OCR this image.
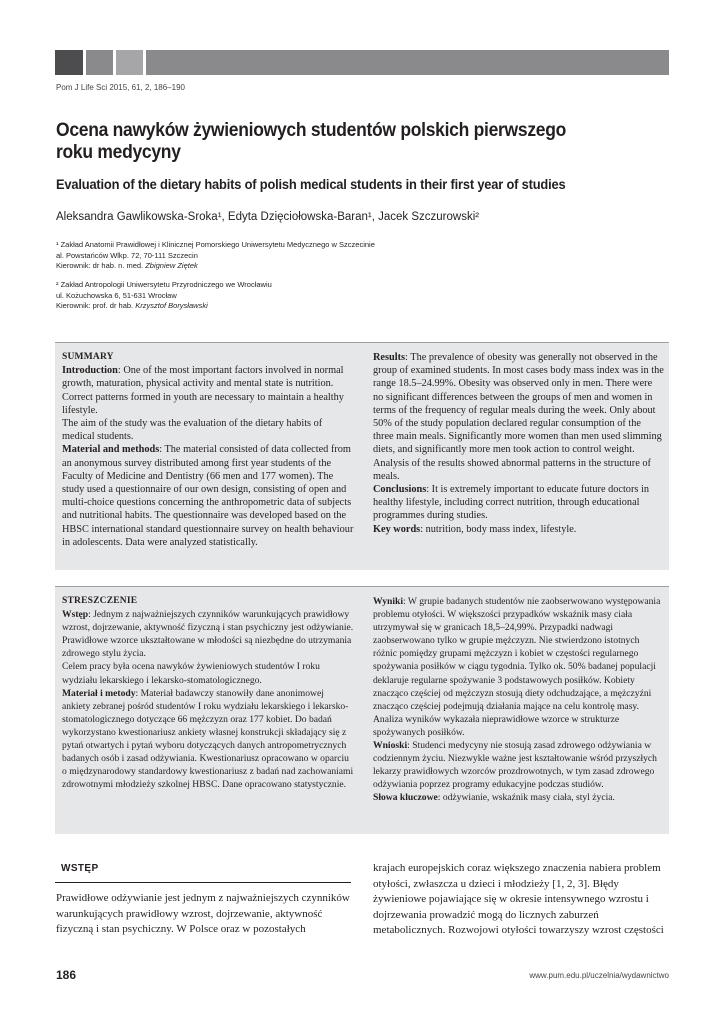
Pom J Life Sci 2015, 61, 2, 186–190
Ocena nawyków żywieniowych studentów polskich pierwszego roku medycyny
Evaluation of the dietary habits of polish medical students in their first year of studies
Aleksandra Gawlikowska-Sroka¹, Edyta Dzięciołowska-Baran¹, Jacek Szczurowski²
¹ Zakład Anatomii Prawidłowej i Klinicznej Pomorskiego Uniwersytetu Medycznego w Szczecinie
al. Powstańców Wlkp. 72, 70-111 Szczecin
Kierownik: dr hab. n. med. Zbigniew Ziętek
² Zakład Antropologii Uniwersytetu Przyrodniczego we Wrocławiu
ul. Kożuchowska 6, 51-631 Wrocław
Kierownik: prof. dr hab. Krzysztof Borysławski
SUMMARY

Introduction: One of the most important factors involved in normal growth, maturation, physical activity and mental state is nutrition. Correct patterns formed in youth are necessary to maintain a healthy lifestyle.

The aim of the study was the evaluation of the dietary habits of medical students.

Material and methods: The material consisted of data collected from an anonymous survey distributed among first year students of the Faculty of Medicine and Dentistry (66 men and 177 women). The study used a questionnaire of our own design, consisting of open and multi-choice questions concerning the anthropometric data of subjects and nutritional habits. The questionnaire was developed based on the HBSC international standard questionnaire survey on health behaviour in adolescents. Data were analyzed statistically.

Results: The prevalence of obesity was generally not observed in the group of examined students. In most cases body mass index was in the range 18.5–24.99%. Obesity was observed only in men. There were no significant differences between the groups of men and women in terms of the frequency of regular meals during the week. Only about 50% of the study population declared regular consumption of the three main meals. Significantly more women than men used slimming diets, and significantly more men took action to control weight. Analysis of the results showed abnormal patterns in the structure of meals.

Conclusions: It is extremely important to educate future doctors in healthy lifestyle, including correct nutrition, through educational programmes during studies.

Key words: nutrition, body mass index, lifestyle.

STRESZCZENIE

Wstęp: Jednym z najważniejszych czynników warunkujących prawidłowy wzrost, dojrzewanie, aktywność fizyczną i stan psychiczny jest odżywianie. Prawidłowe wzorce ukształtowane w młodości są niezbędne do utrzymania zdrowego stylu życia.

Celem pracy była ocena nawyków żywieniowych studentów I roku wydziału lekarskiego i lekarsko-stomatologicznego.

Materiał i metody: Materiał badawczy stanowiły dane anonimowej ankiety zebranej pośród studentów I roku wydziału lekarskiego i lekarsko-stomatologicznego dotyczące 66 mężczyzn oraz 177 kobiet. Do badań wykorzystano kwestionariusz ankiety własnej konstrukcji składający się z pytań otwartych i pytań wyboru dotyczących danych antropometrycznych badanych osób i zasad odżywiania. Kwestionariusz opracowano w oparciu o międzynarodowy standardowy kwestionariusz z badań nad zachowaniami zdrowotnymi młodzieży szkolnej HBSC. Dane opracowano statystycznie.

Wyniki: W grupie badanych studentów nie zaobserwowano występowania problemu otyłości. W większości przypadków wskaźnik masy ciała utrzymywał się w granicach 18,5–24,99%. Przypadki nadwagi zaobserwowano tylko w grupie mężczyzn. Nie stwierdzono istotnych różnic pomiędzy grupami mężczyzn i kobiet w częstości regularnego spożywania posiłków w ciągu tygodnia. Tylko ok. 50% badanej populacji deklaruje regularne spożywanie 3 podstawowych posiłków. Kobiety znacząco częściej od mężczyzn stosują diety odchudzające, a mężczyźni znacząco częściej podejmują działania mające na celu kontrolę masy. Analiza wyników wykazała nieprawidłowe wzorce w strukturze spożywanych posiłków.

Wnioski: Studenci medycyny nie stosują zasad zdrowego odżywiania w codziennym życiu. Niezwykle ważne jest kształtowanie wśród przyszłych lekarzy prawidłowych wzorców prozdrowotnych, w tym zasad zdrowego odżywiania poprzez programy edukacyjne podczas studiów.

Słowa kluczowe: odżywianie, wskaźnik masy ciała, styl życia.

WSTĘP
Prawidłowe odżywianie jest jednym z najważniejszych czynników warunkujących prawidłowy wzrost, dojrzewanie, aktywność fizyczną i stan psychiczny. W Polsce oraz w pozostałych
krajach europejskich coraz większego znaczenia nabiera problem otyłości, zwłaszcza u dzieci i młodzieży [1, 2, 3]. Błędy żywieniowe pojawiające się w okresie intensywnego wzrostu i dojrzewania prowadzić mogą do licznych zaburzeń metabolicznych. Rozwojowi otyłości towarzyszy wzrost częstości
186	www.pum.edu.pl/uczelnia/wydawnictwo
